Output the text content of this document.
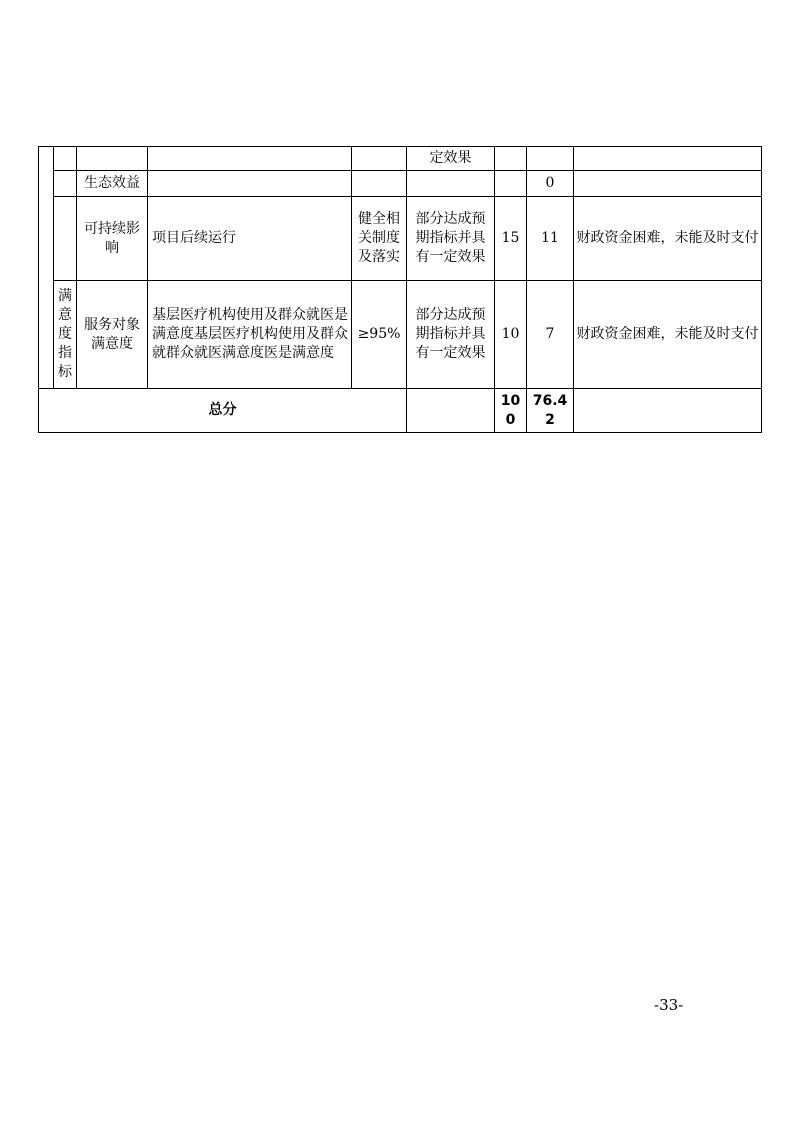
					定效果			
		生态效益					0	
		可持续影响	项目后续运行	健全相关制度及落实	部分达成预期指标并具有一定效果	15	11	财政资金困难，未能及时支付
	满意度指标	服务对象满意度	基层医疗机构使用及群众就医是满意度基层医疗机构使用及群众就群众就医满意度医是满意度	≥95%	部分达成预期指标并具有一定效果	10	7	财政资金困难，未能及时支付
总分						100	76.42	
-33-
